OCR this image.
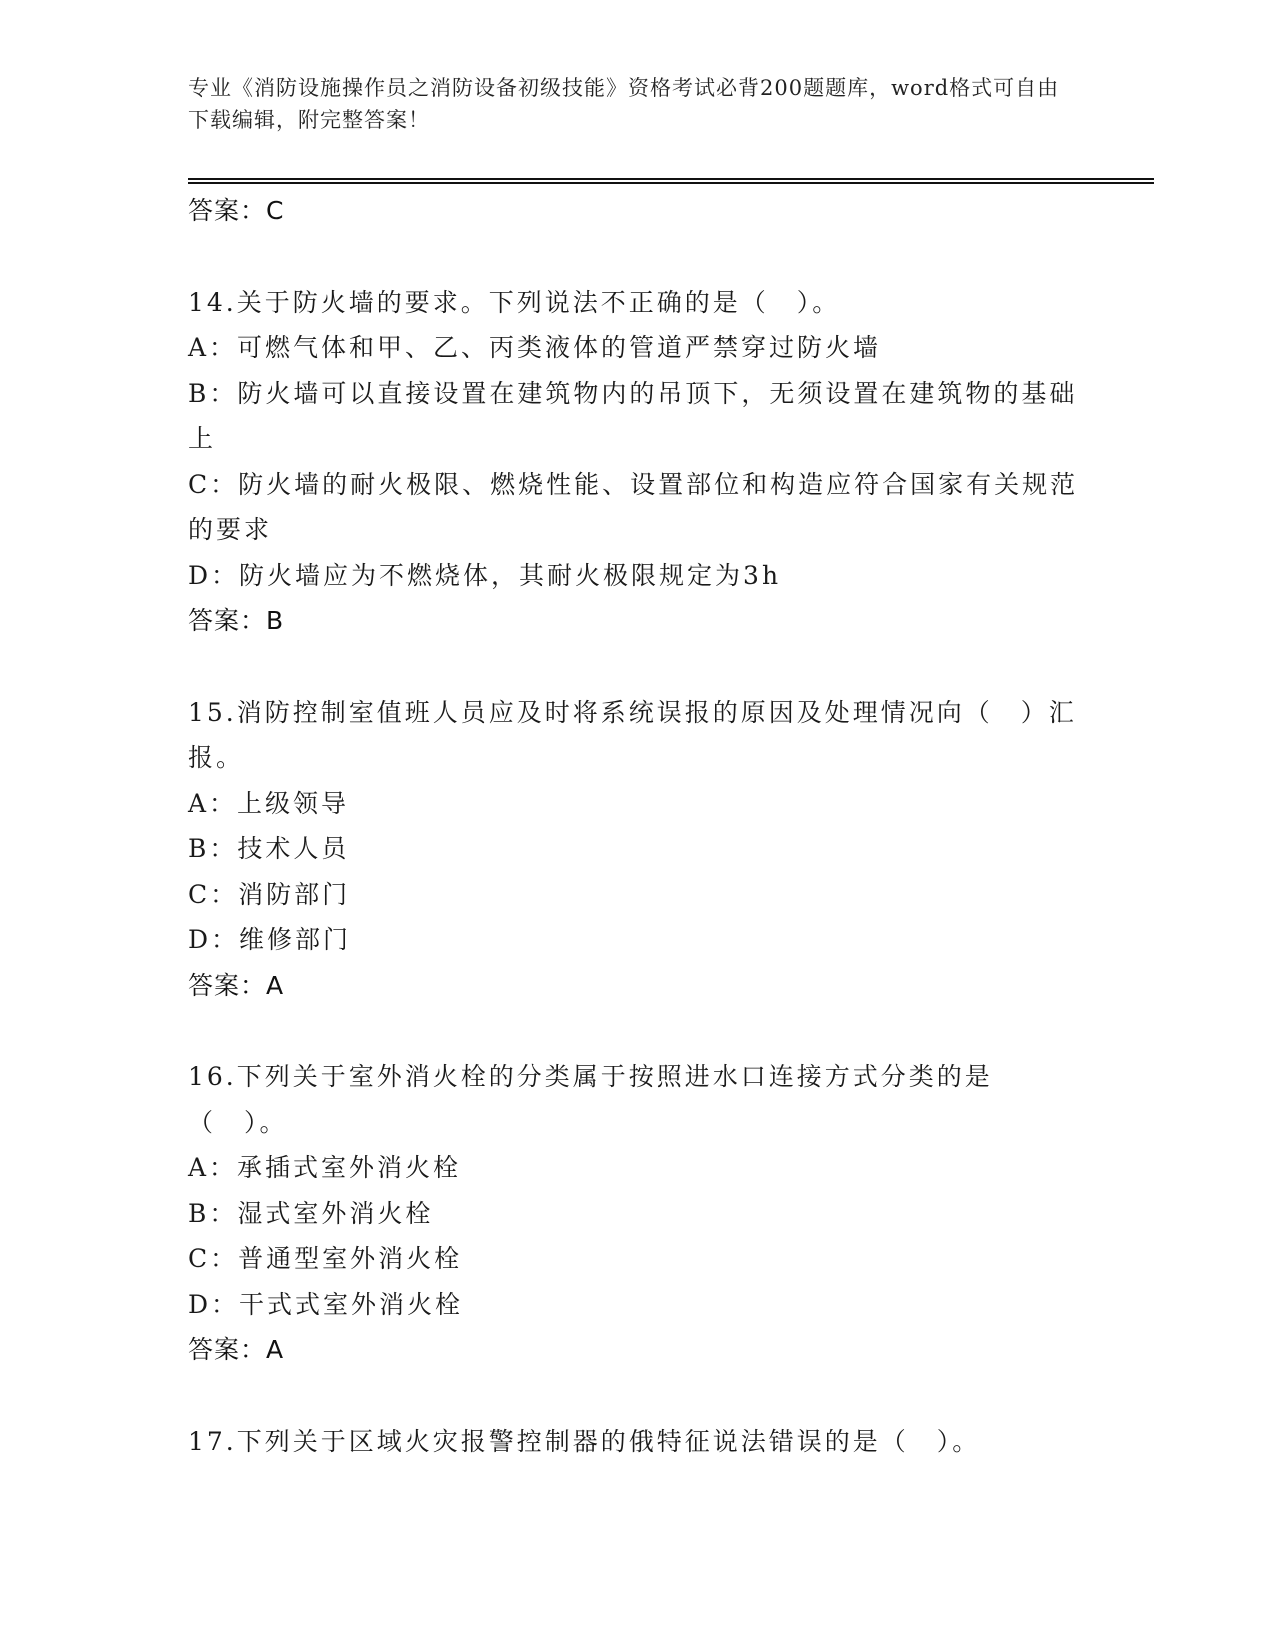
专业《消防设施操作员之消防设备初级技能》资格考试必背200题题库，word格式可自由下载编辑，附完整答案！
答案：C
14.关于防火墙的要求。下列说法不正确的是（　）。
A：可燃气体和甲、乙、丙类液体的管道严禁穿过防火墙
B：防火墙可以直接设置在建筑物内的吊顶下，无须设置在建筑物的基础上
C：防火墙的耐火极限、燃烧性能、设置部位和构造应符合国家有关规范的要求
D：防火墙应为不燃烧体，其耐火极限规定为3h
答案：B
15.消防控制室值班人员应及时将系统误报的原因及处理情况向（　）汇报。
A：上级领导
B：技术人员
C：消防部门
D：维修部门
答案：A
16.下列关于室外消火栓的分类属于按照进水口连接方式分类的是（　）。
A：承插式室外消火栓
B：湿式室外消火栓
C：普通型室外消火栓
D：干式式室外消火栓
答案：A
17.下列关于区域火灾报警控制器的俄特征说法错误的是（　）。
